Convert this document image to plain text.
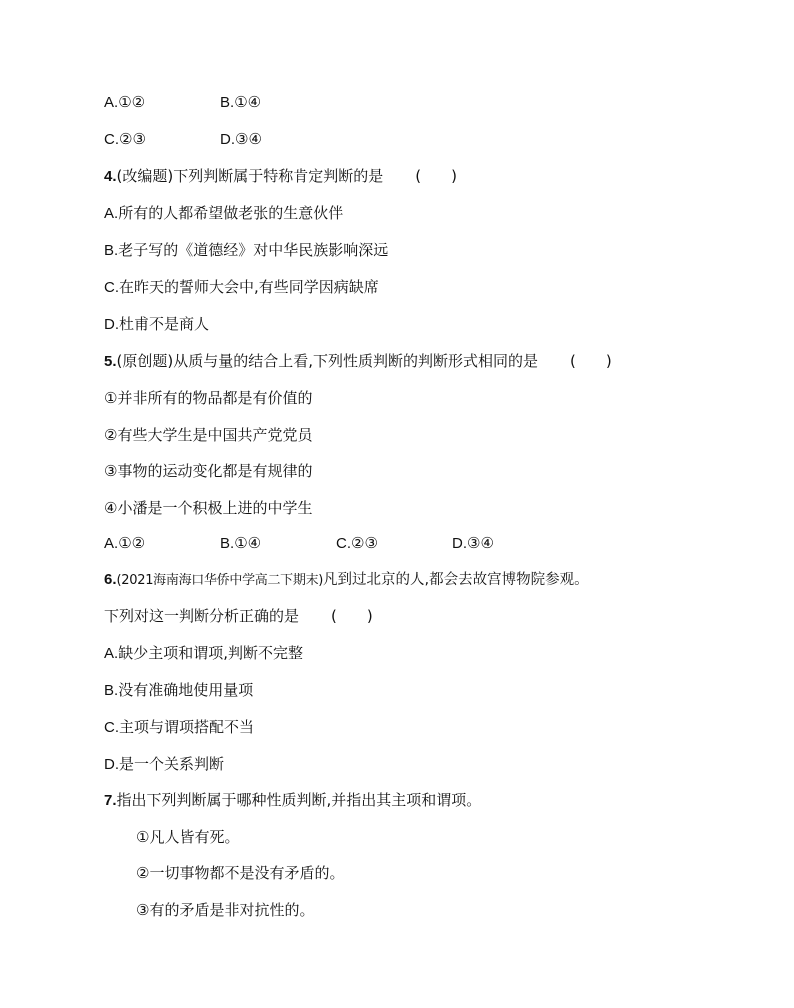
A.①②	B.①④
C.②③	D.③④
4.(改编题)下列判断属于特称肯定判断的是 (　　)
A.所有的人都希望做老张的生意伙伴
B.老子写的《道德经》对中华民族影响深远
C.在昨天的誓师大会中,有些同学因病缺席
D.杜甫不是商人
5.(原创题)从质与量的结合上看,下列性质判断的判断形式相同的是 (　　)
①并非所有的物品都是有价值的
②有些大学生是中国共产党党员
③事物的运动变化都是有规律的
④小潘是一个积极上进的中学生
A.①②	B.①④	C.②③	D.③④
6.(2021海南海口华侨中学高二下期末)凡到过北京的人,都会去故宫博物院参观。
下列对这一判断分析正确的是 (　　)
A.缺少主项和谓项,判断不完整
B.没有准确地使用量项
C.主项与谓项搭配不当
D.是一个关系判断
7.指出下列判断属于哪种性质判断,并指出其主项和谓项。
①凡人皆有死。
②一切事物都不是没有矛盾的。
③有的矛盾是非对抗性的。
